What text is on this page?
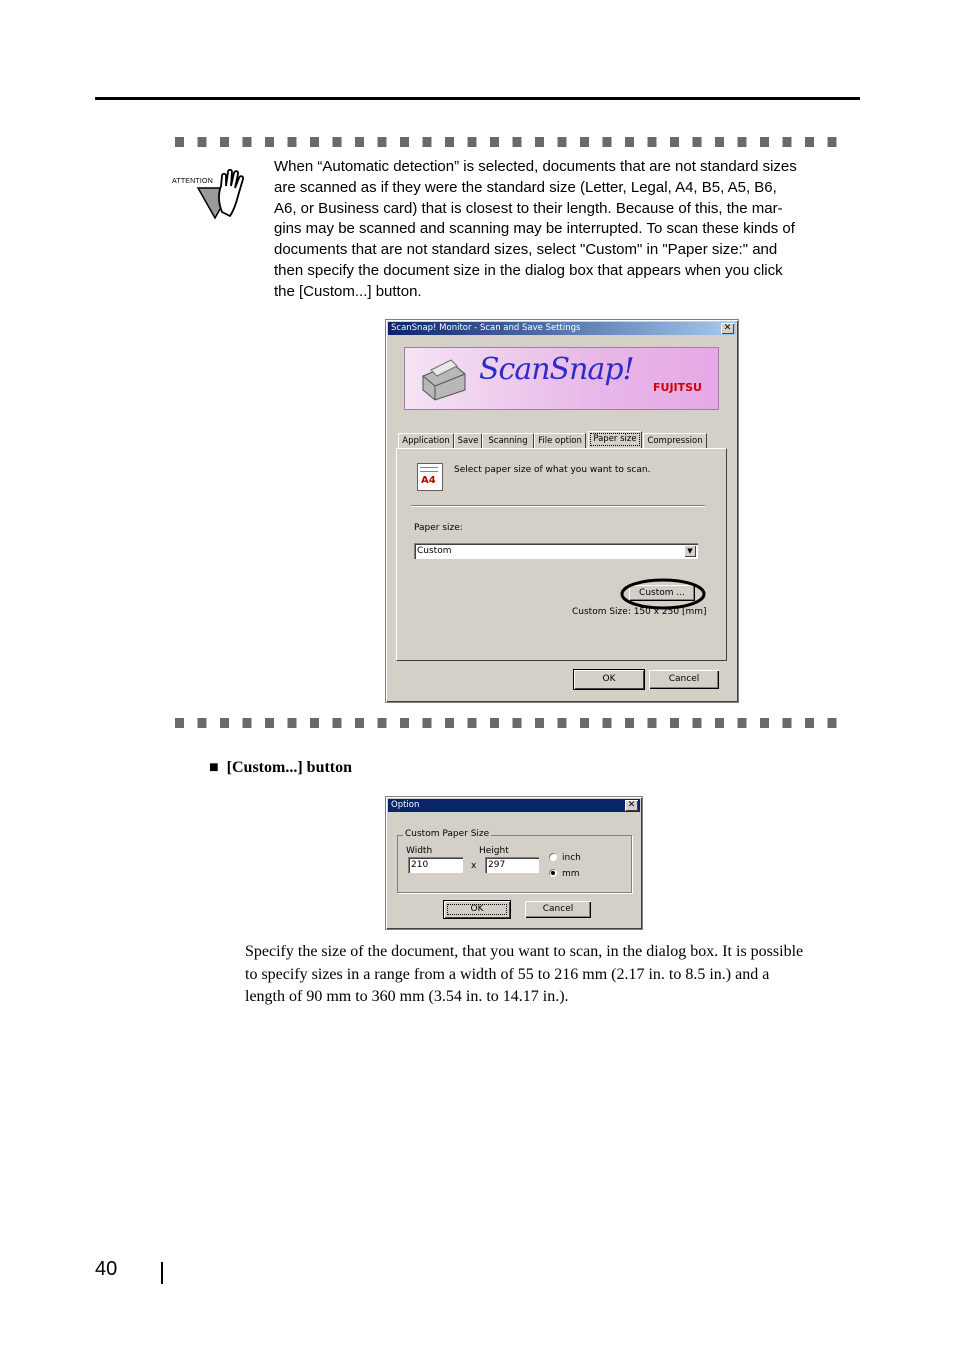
ATTENTION

When “Automatic detection” is selected, documents that are not standard sizes

are scanned as if they were the standard size (Letter, Legal, A4, B5, A5, B6,

A6, or Business card) that is closest to their length. Because of this, the mar-

gins may be scanned and scanning may be interrupted. To scan these kinds of

documents that are not standard sizes, select "Custom" in "Paper size:" and

then specify the document size in the dialog box that appears when you click

the [Custom...] button.

ScanSnap! Monitor - Scan and Save Settings	✕
ScanSnap!
FUJITSU
Application Save	Scanning	File option	Paper size	Compression
A4
Select paper size of what you want to scan.
Paper size:
Custom	▼
Custom ...
Custom Size: 150 x 250 [mm]
OK	Cancel
■ [Custom...] button
Option	✕
Custom Paper Size
Width	Height
210	x	297
inch
mm
OK	Cancel
Specify the size of the document, that you want to scan, in the dialog box. It is possible
to specify sizes in a range from a width of 55 to 216 mm (2.17 in. to 8.5 in.) and a
length of 90 mm to 360 mm (3.54 in. to 14.17 in.).
40
